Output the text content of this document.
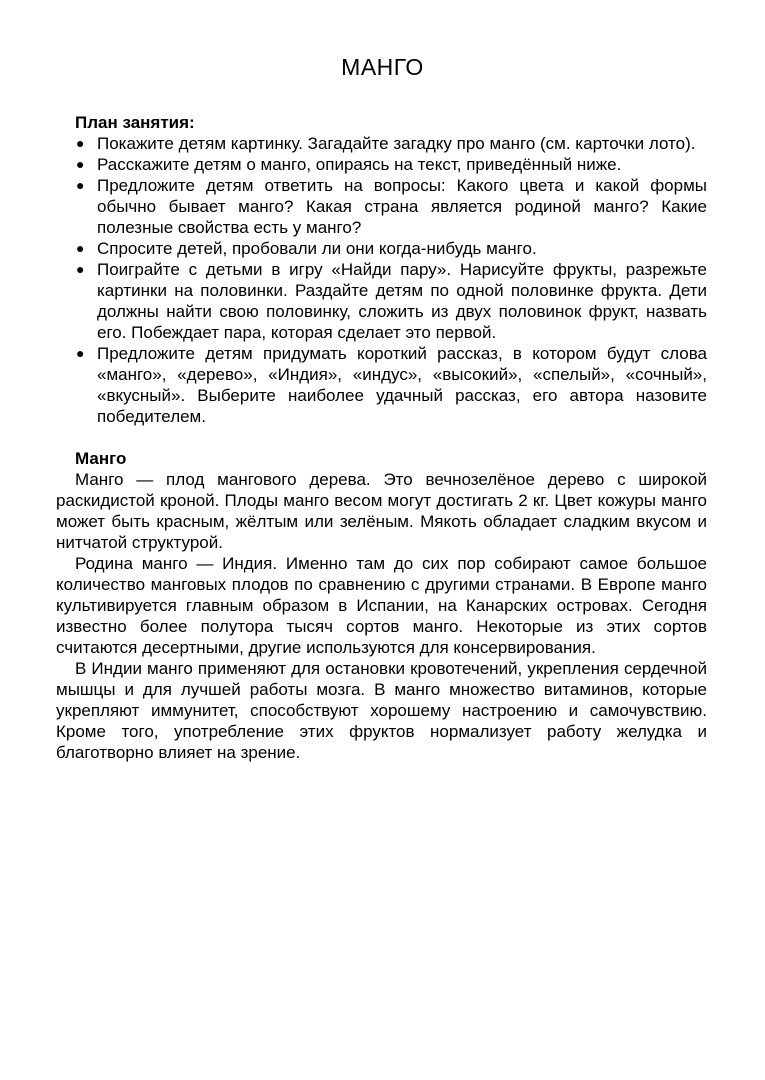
МАНГО

План занятия:

● Покажите детям картинку. Загадайте загадку про манго (см. карточки лото).
● Расскажите детям о манго, опираясь на текст, приведённый ниже.
● Предложите детям ответить на вопросы: Какого цвета и какой формы обычно бывает манго? Какая страна является родиной манго? Какие полезные свойства есть у манго?
● Спросите детей, пробовали ли они когда-нибудь манго.
● Поиграйте с детьми в игру «Найди пару». Нарисуйте фрукты, разрежьте картинки на половинки. Раздайте детям по одной половинке фрукта. Дети должны найти свою половинку, сложить из двух половинок фрукт, назвать его. Побеждает пара, которая сделает это первой.
● Предложите детям придумать короткий рассказ, в котором будут слова «манго», «дерево», «Индия», «индус», «высокий», «спелый», «сочный», «вкусный». Выберите наиболее удачный рассказ, его автора назовите победителем.

Манго

Манго — плод мангового дерева. Это вечнозелёное дерево с широкой раскидистой кроной. Плоды манго весом могут достигать 2 кг. Цвет кожуры манго может быть красным, жёлтым или зелёным. Мякоть обладает сладким вкусом и нитчатой структурой.

Родина манго — Индия. Именно там до сих пор собирают самое большое количество манговых плодов по сравнению с другими странами. В Европе манго культивируется главным образом в Испании, на Канарских островах. Сегодня известно более полутора тысяч сортов манго. Некоторые из этих сортов считаются десертными, другие используются для консервирования.

В Индии манго применяют для остановки кровотечений, укрепления сердечной мышцы и для лучшей работы мозга. В манго множество витаминов, которые укрепляют иммунитет, способствуют хорошему настроению и самочувствию. Кроме того, употребление этих фруктов нормализует работу желудка и благотворно влияет на зрение.
